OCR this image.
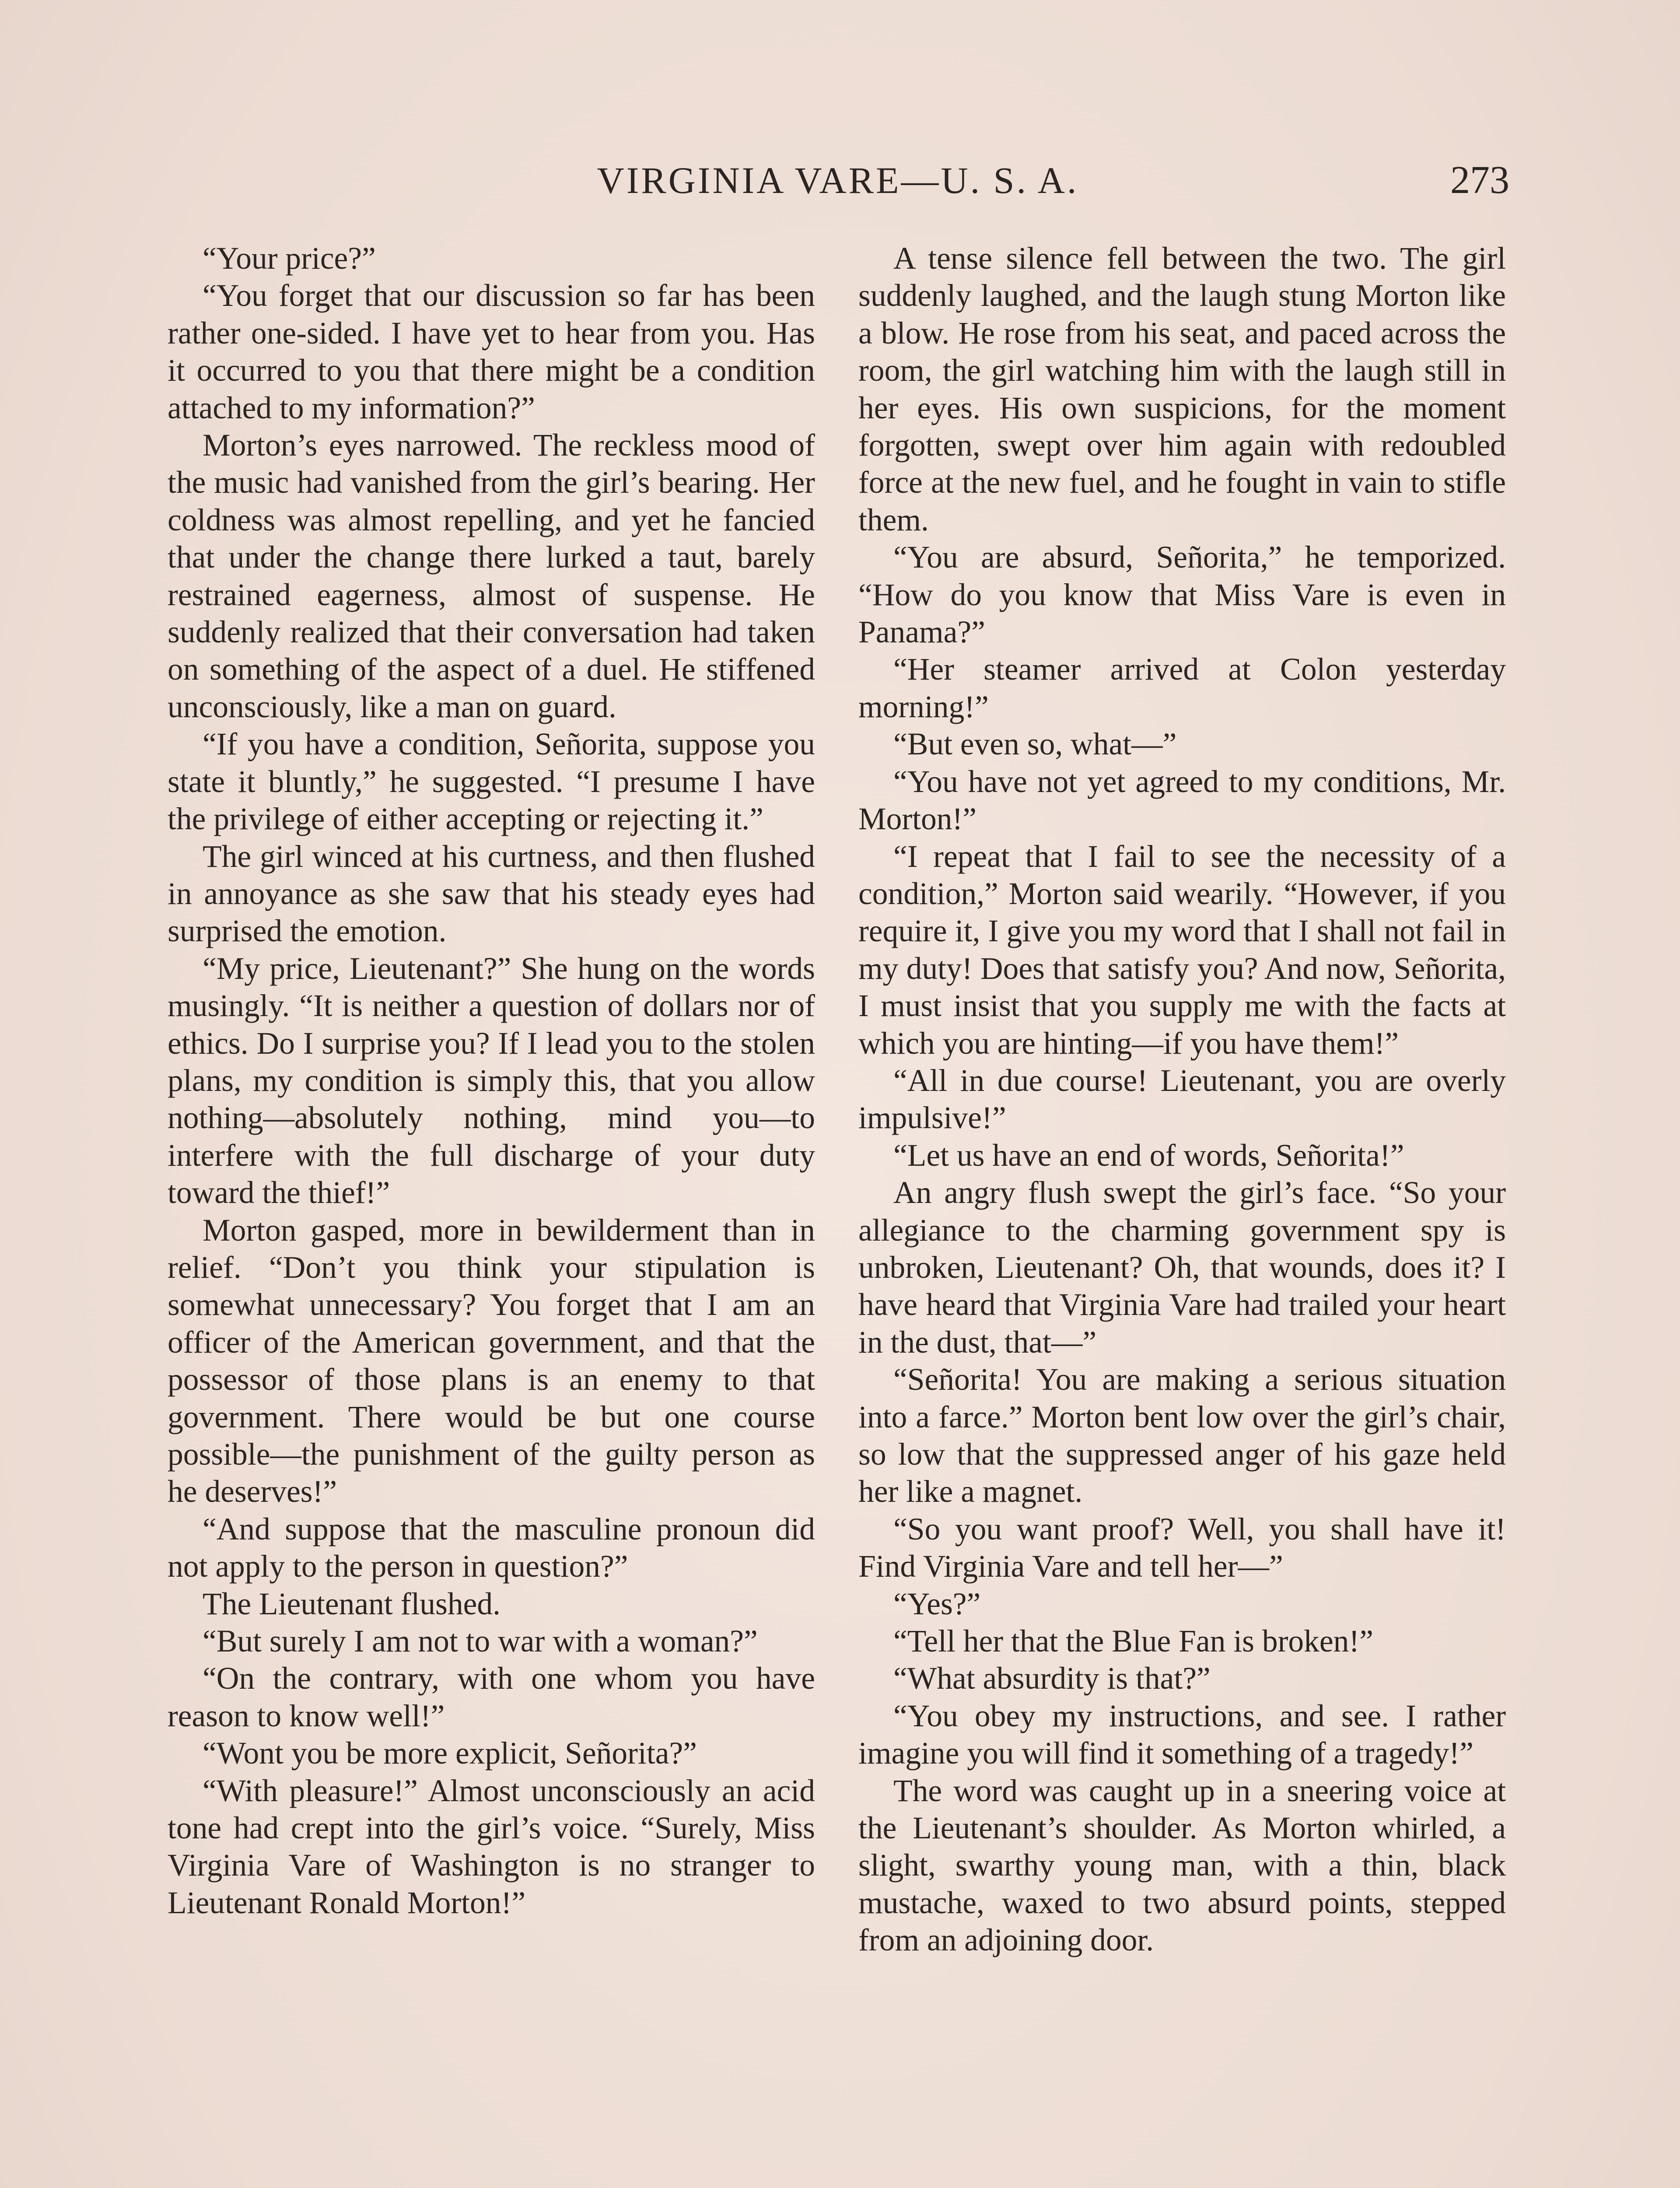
VIRGINIA VARE—U. S. A.	273

“Your price?”

“You forget that our discussion so far has been rather one-sided. I have yet to hear from you. Has it occurred to you that there might be a condition attached to my information?”

Morton’s eyes narrowed. The reckless mood of the music had vanished from the girl’s bearing. Her coldness was almost repelling, and yet he fancied that under the change there lurked a taut, barely restrained eagerness, almost of suspense. He suddenly realized that their conversation had taken on something of the aspect of a duel. He stiffened unconsciously, like a man on guard.

“If you have a condition, Señorita, suppose you state it bluntly,” he suggested. “I presume I have the privilege of either accepting or rejecting it.”

The girl winced at his curtness, and then flushed in annoyance as she saw that his steady eyes had surprised the emotion.

“My price, Lieutenant?” She hung on the words musingly. “It is neither a question of dollars nor of ethics. Do I surprise you? If I lead you to the stolen plans, my condition is simply this, that you allow nothing—absolutely nothing, mind you—to interfere with the full discharge of your duty toward the thief!”

Morton gasped, more in bewilderment than in relief. “Don’t you think your stipulation is somewhat unnecessary? You forget that I am an officer of the American government, and that the possessor of those plans is an enemy to that government. There would be but one course possible—the punishment of the guilty person as he deserves!”

“And suppose that the masculine pronoun did not apply to the person in question?”

The Lieutenant flushed.

“But surely I am not to war with a woman?”

“On the contrary, with one whom you have reason to know well!”

“Wont you be more explicit, Señorita?”

“With pleasure!” Almost unconsciously an acid tone had crept into the girl’s voice. “Surely, Miss Virginia Vare of Washington is no stranger to Lieutenant Ronald Morton!”

A tense silence fell between the two. The girl suddenly laughed, and the laugh stung Morton like a blow. He rose from his seat, and paced across the room, the girl watching him with the laugh still in her eyes. His own suspicions, for the moment forgotten, swept over him again with redoubled force at the new fuel, and he fought in vain to stifle them.

“You are absurd, Señorita,” he temporized. “How do you know that Miss Vare is even in Panama?”

“Her steamer arrived at Colon yesterday morning!”

“But even so, what—”

“You have not yet agreed to my conditions, Mr. Morton!”

“I repeat that I fail to see the necessity of a condition,” Morton said wearily. “However, if you require it, I give you my word that I shall not fail in my duty! Does that satisfy you? And now, Señorita, I must insist that you supply me with the facts at which you are hinting—if you have them!”

“All in due course! Lieutenant, you are overly impulsive!”

“Let us have an end of words, Señorita!”

An angry flush swept the girl’s face. “So your allegiance to the charming government spy is unbroken, Lieutenant? Oh, that wounds, does it? I have heard that Virginia Vare had trailed your heart in the dust, that—”

“Señorita! You are making a serious situation into a farce.” Morton bent low over the girl’s chair, so low that the suppressed anger of his gaze held her like a magnet.

“So you want proof? Well, you shall have it! Find Virginia Vare and tell her—”

“Yes?”

“Tell her that the Blue Fan is broken!”

“What absurdity is that?”

“You obey my instructions, and see. I rather imagine you will find it something of a tragedy!”

The word was caught up in a sneering voice at the Lieutenant’s shoulder. As Morton whirled, a slight, swarthy young man, with a thin, black mustache, waxed to two absurd points, stepped from an adjoining door.
